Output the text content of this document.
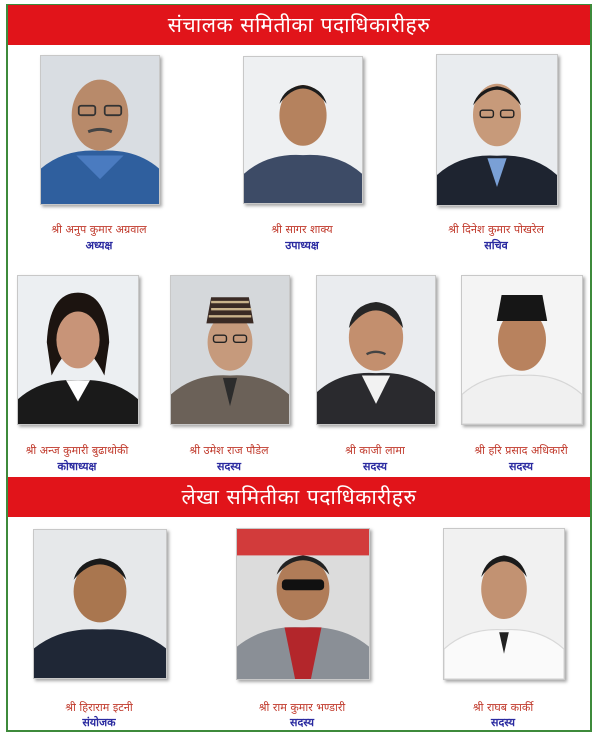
संचालक समितीका पदाधिकारीहरु
श्री अनुप कुमार अग्रवाल
अध्यक्ष
श्री सागर शाक्य
उपाध्यक्ष
श्री दिनेश कुमार पोखरेल
सचिव
श्री अन्ज कुमारी बुढाथोकी
कोषाध्यक्ष
श्री उमेश राज पौडेल
सदस्य
श्री काजी लामा
सदस्य
श्री हरि प्रसाद अधिकारी
सदस्य
लेखा समितीका पदाधिकारीहरु
श्री हिराराम इटनी
संयोजक
श्री राम कुमार भण्डारी
सदस्य
श्री राघब कार्की
सदस्य
